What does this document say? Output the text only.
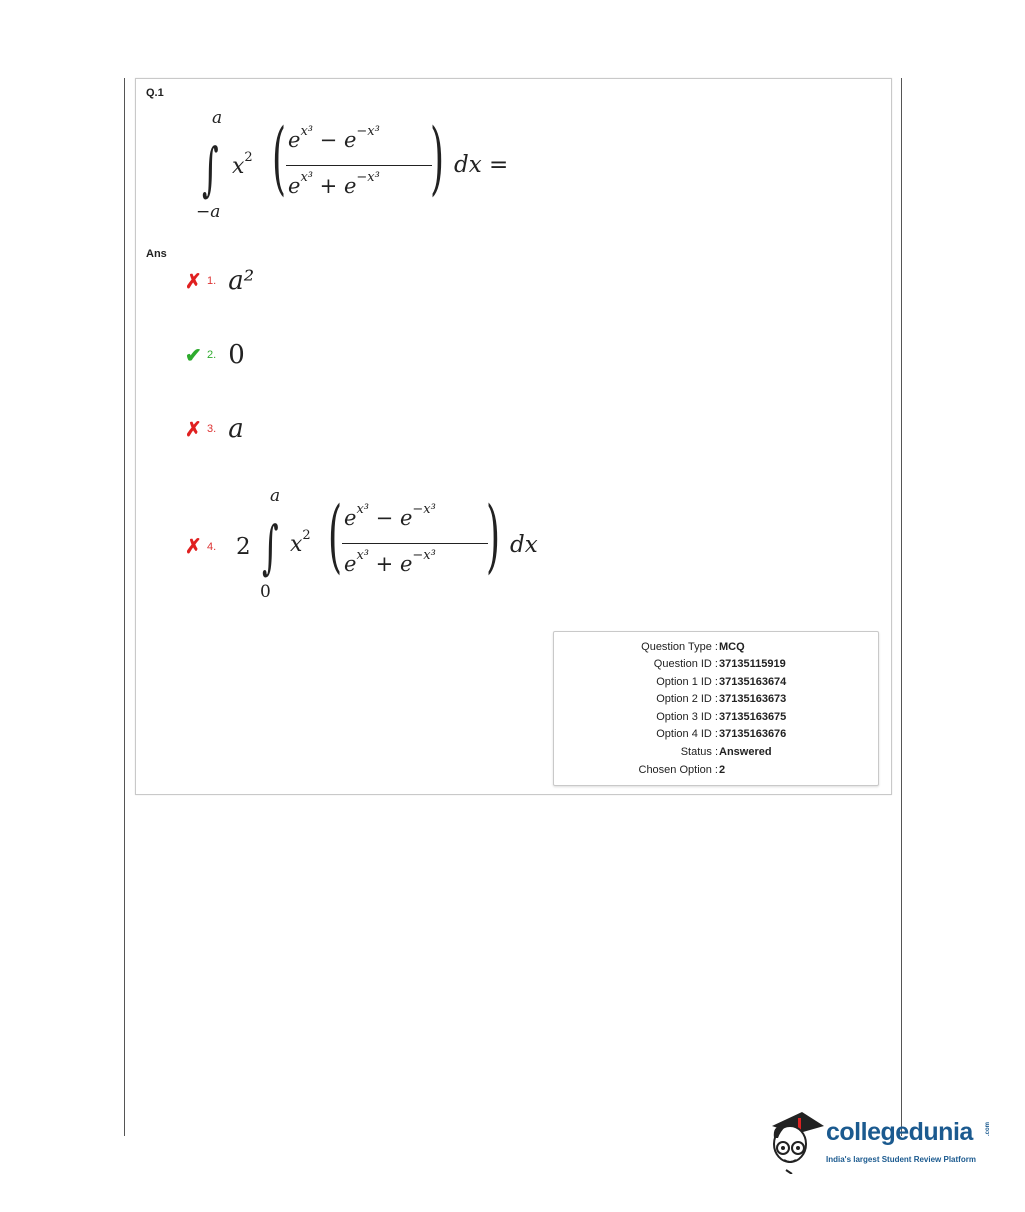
Q.1
a
∫
−a
$x^2$ ( $e^{x^3} - e^{-x^3}$
$e^{x^3} + e^{-x^3}$ ) dx =
Ans
✗ 1. a²
✔ 2. 0
✗ 3. a
✗ 4. 2
a
∫
0
$x^2$ ( $e^{x^3} - e^{-x^3}$
$e^{x^3} + e^{-x^3}$ ) dx
Question Type : MCQ
Question ID : 37135115919
Option 1 ID : 37135163674
Option 2 ID : 37135163673
Option 3 ID : 37135163675
Option 4 ID : 37135163676
Status : Answered
Chosen Option : 2
collegedunia .com
India's largest Student Review Platform
